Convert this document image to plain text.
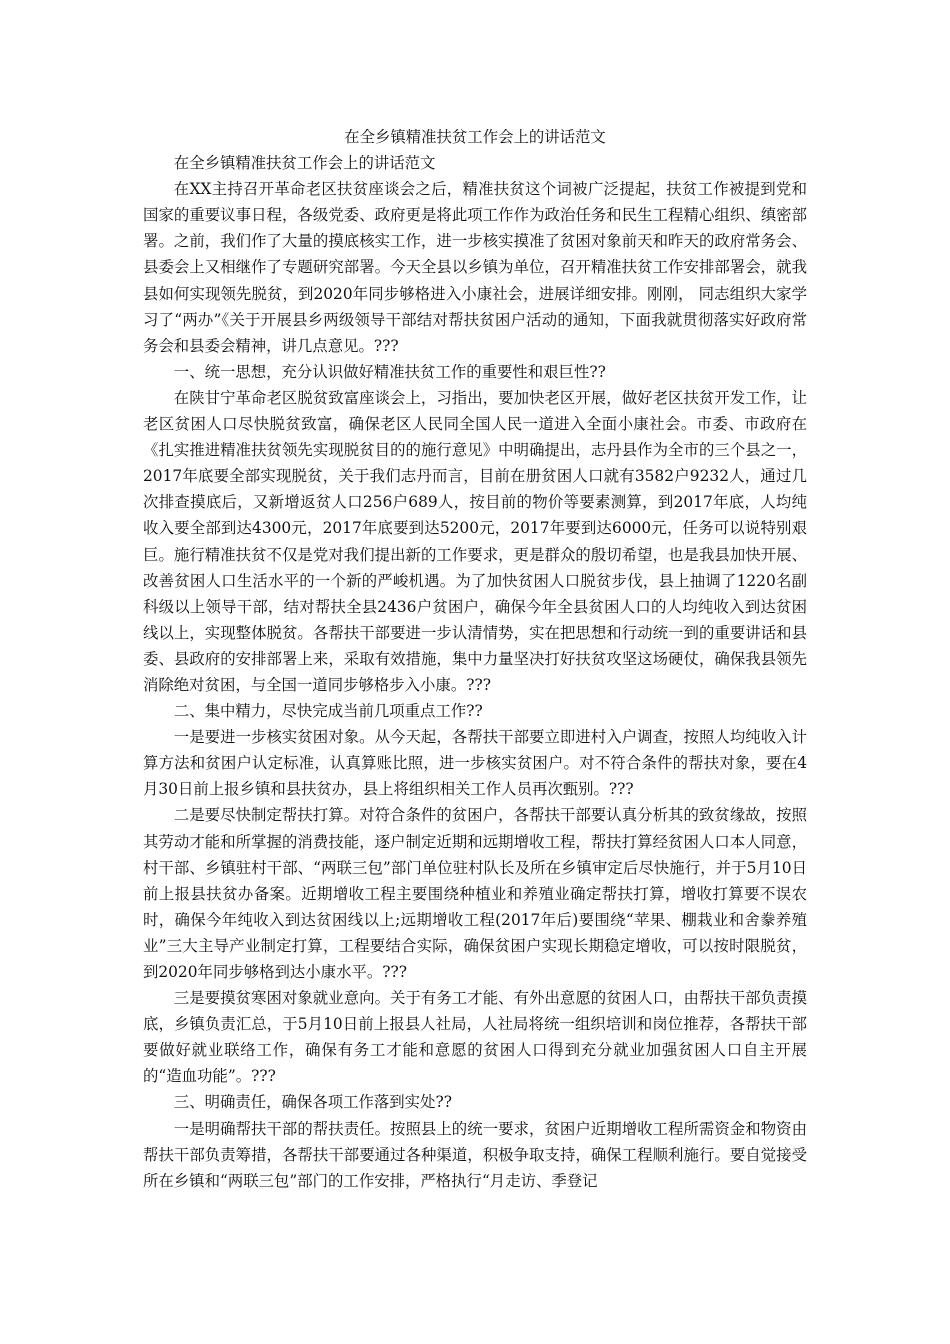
在全乡镇精准扶贫工作会上的讲话范文

在全乡镇精准扶贫工作会上的讲话范文

在XX主持召开革命老区扶贫座谈会之后，精准扶贫这个词被广泛提起，扶贫工作被提到党和国家的重要议事日程，各级党委、政府更是将此项工作作为政治任务和民生工程精心组织、缜密部署。之前，我们作了大量的摸底核实工作，进一步核实摸准了贫困对象前天和昨天的政府常务会、县委会上又相继作了专题研究部署。今天全县以乡镇为单位，召开精准扶贫工作安排部署会，就我县如何实现领先脱贫，到2020年同步够格进入小康社会，进展详细安排。刚刚， 同志组织大家学习了“两办”《关于开展县乡两级领导干部结对帮扶贫困户活动的通知，下面我就贯彻落实好政府常务会和县委会精神，讲几点意见。???

一、统一思想，充分认识做好精准扶贫工作的重要性和艰巨性??

在陕甘宁革命老区脱贫致富座谈会上，习指出，要加快老区开展，做好老区扶贫开发工作，让老区贫困人口尽快脱贫致富，确保老区人民同全国人民一道进入全面小康社会。市委、市政府在《扎实推进精准扶贫领先实现脱贫目的的施行意见》中明确提出，志丹县作为全市的三个县之一， 2017年底要全部实现脱贫，关于我们志丹而言，目前在册贫困人口就有3582户9232人，通过几次排查摸底后，又新增返贫人口256户689人，按目前的物价等要素测算，到2017年底，人均纯收入要全部到达4300元，2017年底要到达5200元，2017年要到达6000元，任务可以说特别艰巨。施行精准扶贫不仅是党对我们提出新的工作要求，更是群众的殷切希望，也是我县加快开展、改善贫困人口生活水平的一个新的严峻机遇。为了加快贫困人口脱贫步伐，县上抽调了1220名副科级以上领导干部，结对帮扶全县2436户贫困户，确保今年全县贫困人口的人均纯收入到达贫困线以上，实现整体脱贫。各帮扶干部要进一步认清情势，实在把思想和行动统一到的重要讲话和县委、县政府的安排部署上来，采取有效措施，集中力量坚决打好扶贫攻坚这场硬仗，确保我县领先消除绝对贫困，与全国一道同步够格步入小康。???

二、集中精力，尽快完成当前几项重点工作??

一是要进一步核实贫困对象。从今天起，各帮扶干部要立即进村入户调查，按照人均纯收入计算方法和贫困户认定标准，认真算账比照，进一步核实贫困户。对不符合条件的帮扶对象，要在4月30日前上报乡镇和县扶贫办，县上将组织相关工作人员再次甄别。???

二是要尽快制定帮扶打算。对符合条件的贫困户，各帮扶干部要认真分析其的致贫缘故，按照其劳动才能和所掌握的消费技能，逐户制定近期和远期增收工程，帮扶打算经贫困人口本人同意，村干部、乡镇驻村干部、“两联三包”部门单位驻村队长及所在乡镇审定后尽快施行，并于5月10日前上报县扶贫办备案。近期增收工程主要围绕种植业和养殖业确定帮扶打算，增收打算要不误农时，确保今年纯收入到达贫困线以上;远期增收工程(2017年后)要围绕“苹果、棚栽业和舍豢养殖业”三大主导产业制定打算，工程要结合实际，确保贫困户实现长期稳定增收，可以按时限脱贫，到2020年同步够格到达小康水平。???

三是要摸贫寒困对象就业意向。关于有务工才能、有外出意愿的贫困人口，由帮扶干部负责摸底，乡镇负责汇总，于5月10日前上报县人社局，人社局将统一组织培训和岗位推荐，各帮扶干部要做好就业联络工作，确保有务工才能和意愿的贫困人口得到充分就业加强贫困人口自主开展的“造血功能”。???

三、明确责任，确保各项工作落到实处??

一是明确帮扶干部的帮扶责任。按照县上的统一要求，贫困户近期增收工程所需资金和物资由帮扶干部负责筹措，各帮扶干部要通过各种渠道，积极争取支持，确保工程顺利施行。要自觉接受所在乡镇和“两联三包”部门的工作安排，严格执行“月走访、季登记
